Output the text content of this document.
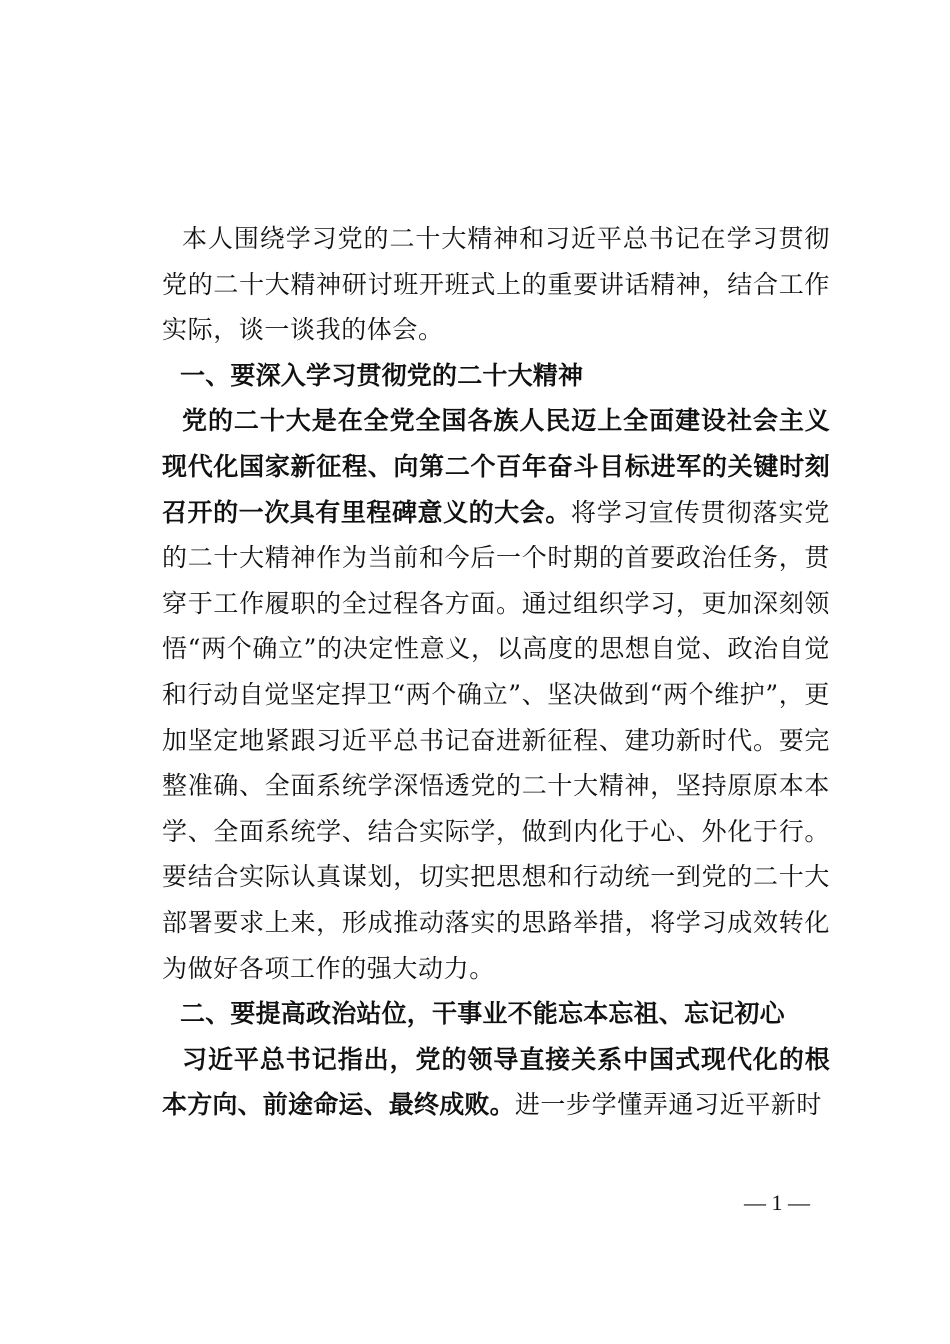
本人围绕学习党的二十大精神和习近平总书记在学习贯彻党的二十大精神研讨班开班式上的重要讲话精神，结合工作实际，谈一谈我的体会。

一、要深入学习贯彻党的二十大精神

党的二十大是在全党全国各族人民迈上全面建设社会主义现代化国家新征程、向第二个百年奋斗目标进军的关键时刻召开的一次具有里程碑意义的大会。将学习宣传贯彻落实党的二十大精神作为当前和今后一个时期的首要政治任务，贯穿于工作履职的全过程各方面。通过组织学习，更加深刻领悟“两个确立”的决定性意义，以高度的思想自觉、政治自觉和行动自觉坚定捍卫“两个确立”、坚决做到“两个维护”，更加坚定地紧跟习近平总书记奋进新征程、建功新时代。要完整准确、全面系统学深悟透党的二十大精神，坚持原原本本学、全面系统学、结合实际学，做到内化于心、外化于行。要结合实际认真谋划，切实把思想和行动统一到党的二十大部署要求上来，形成推动落实的思路举措，将学习成效转化为做好各项工作的强大动力。

二、要提高政治站位，干事业不能忘本忘祖、忘记初心

习近平总书记指出，党的领导直接关系中国式现代化的根本方向、前途命运、最终成败。进一步学懂弄通习近平新时

— 1 —
